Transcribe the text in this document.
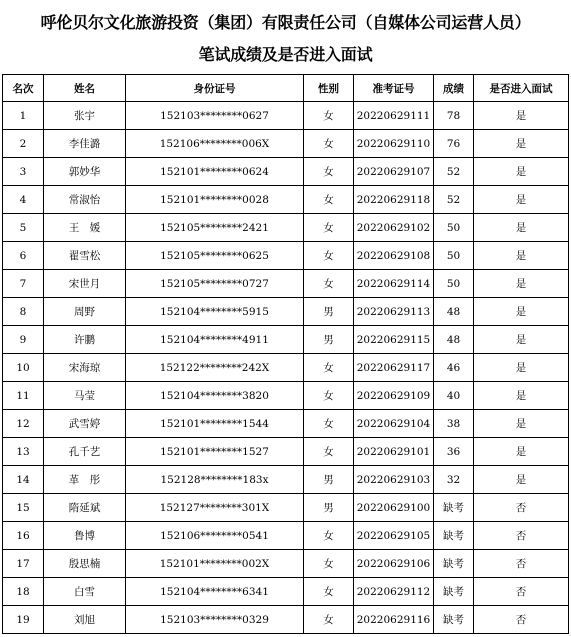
呼伦贝尔文化旅游投资（集团）有限责任公司（自媒体公司运营人员）
笔试成绩及是否进入面试
名次	姓名	身份证号	性别	准考证号	成绩	是否进入面试
1	张宇	152103********0627	女	20220629111	78	是
2	李佳潞	152106********006X	女	20220629110	76	是
3	郭妙华	152101********0624	女	20220629107	52	是
4	常淑怡	152101********0028	女	20220629118	52	是
5	王　媛	152105********2421	女	20220629102	50	是
6	翟雪松	152105********0625	女	20220629108	50	是
7	宋世月	152105********0727	女	20220629114	50	是
8	周野	152104********5915	男	20220629113	48	是
9	许鹏	152104********4911	男	20220629115	48	是
10	宋海琼	152122********242X	女	20220629117	46	是
11	马莹	152104********3820	女	20220629109	40	是
12	武雪婷	152101********1544	女	20220629104	38	是
13	孔千艺	152101********1527	女	20220629101	36	是
14	革　彤	152128********183x	男	20220629103	32	是
15	隋延斌	152127********301X	男	20220629100	缺考	否
16	鲁博	152106********0541	女	20220629105	缺考	否
17	殷思楠	152101********002X	女	20220629106	缺考	否
18	白雪	152104********6341	女	20220629112	缺考	否
19	刘旭	152103********0329	女	20220629116	缺考	否
